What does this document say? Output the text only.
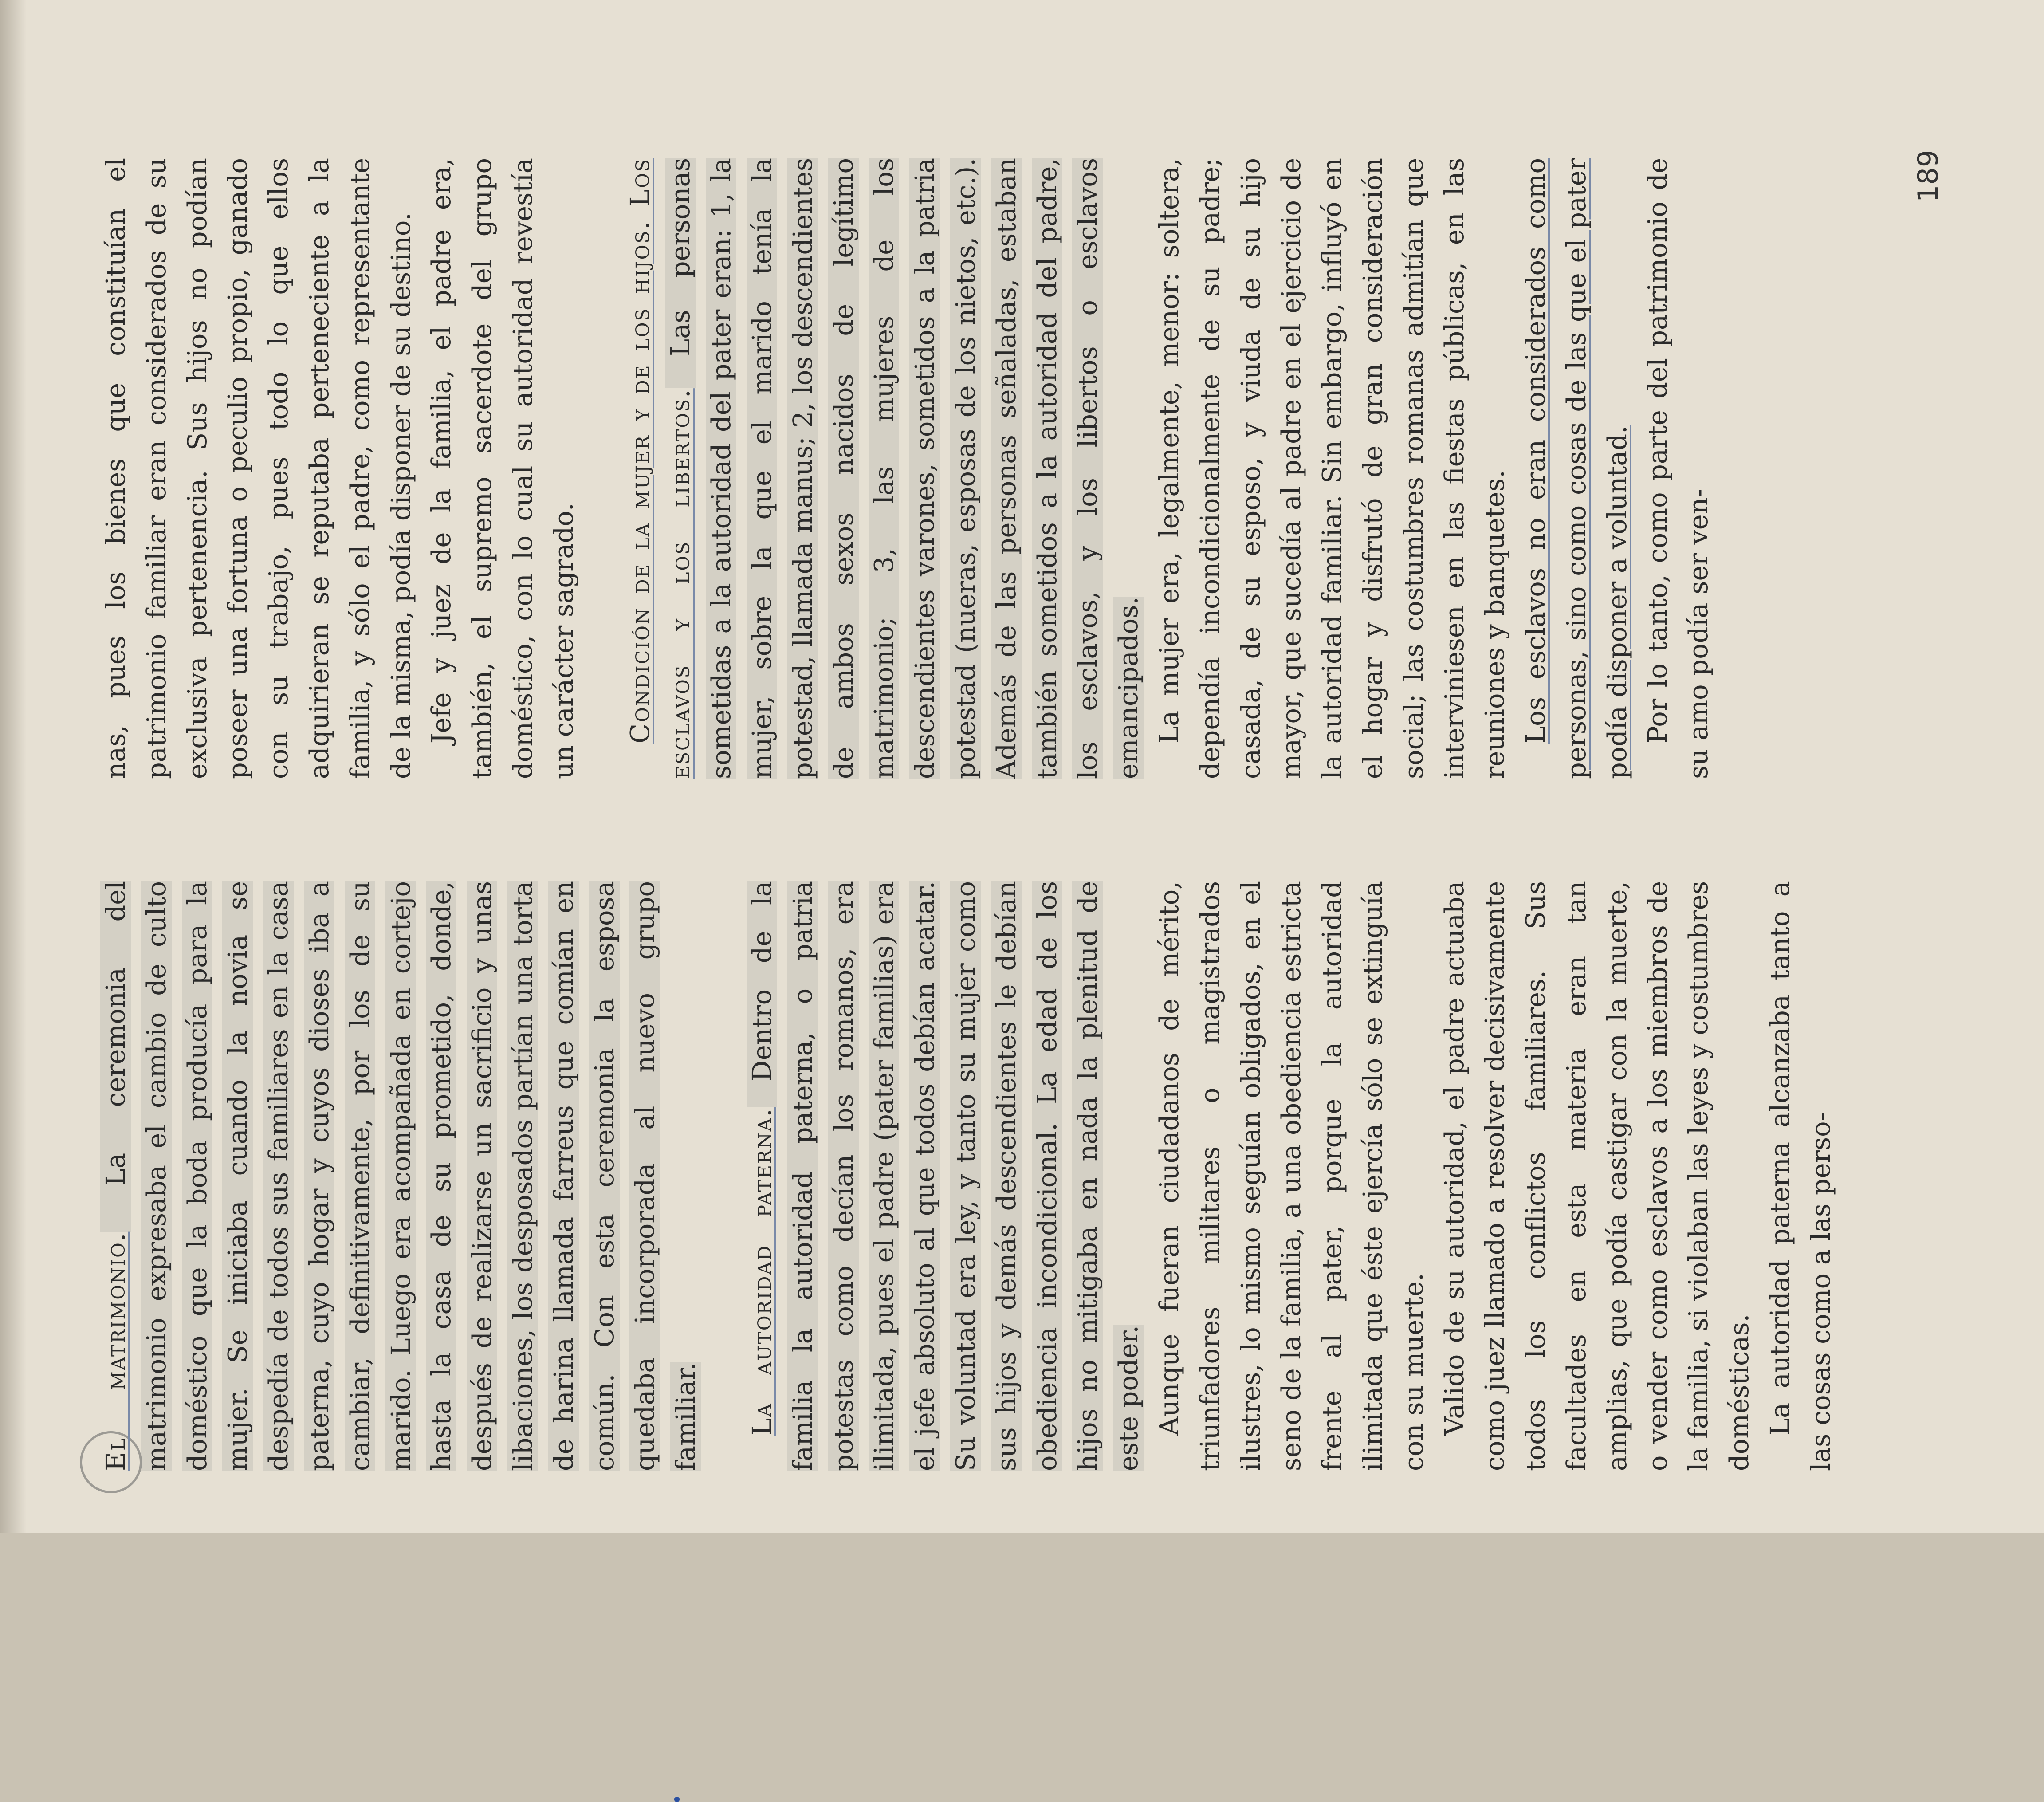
El matrimonio. La ceremonia del matrimonio expresaba el cambio de culto doméstico que la boda producía para la mujer. Se iniciaba cuando la novia se despedía de todos sus familiares en la casa paterna, cuyo hogar y cuyos dioses iba a cambiar, definitivamente, por los de su marido. Luego era acompañada en cortejo hasta la casa de su prometido, donde, después de realizarse un sacrificio y unas libaciones, los desposados partían una torta de harina llamada farreus que comían en común. Con esta ceremonia la esposa quedaba incorporada al nuevo grupo familiar. La autoridad paterna. Dentro de la familia la autoridad paterna, o patria potestas como decían los romanos, era ilimitada, pues el padre (pater familias) era el jefe absoluto al que todos debían acatar. Su voluntad era ley, y tanto su mujer como sus hijos y demás descendientes le debían obediencia incondicional. La edad de los hijos no mitigaba en nada la plenitud de este poder. Aunque fueran ciudadanos de mérito, triunfadores militares o magistrados ilustres, lo mismo seguían obligados, en el seno de la familia, a una obediencia estricta frente al pater, porque la autoridad ilimitada que éste ejercía sólo se extinguía con su muerte. Valido de su autoridad, el padre actuaba como juez llamado a resolver decisivamente todos los conflictos familiares. Sus facultades en esta materia eran tan amplias, que podía castigar con la muerte, o vender como esclavos a los miembros de la familia, si violaban las leyes y costumbres domésticas. La autoridad paterna alcanzaba tanto a las cosas como a las perso-

nas, pues los bienes que constituían el patrimonio familiar eran considerados de su exclusiva pertenencia. Sus hijos no podían poseer una fortuna o peculio propio, ganado con su trabajo, pues todo lo que ellos adquirieran se reputaba perteneciente a la familia, y sólo el padre, como representante de la misma, podía disponer de su destino. Jefe y juez de la familia, el padre era, también, el supremo sacerdote del grupo doméstico, con lo cual su autoridad revestía un carácter sagrado. Condición de la mujer y de los hijos. Los esclavos y los libertos. Las personas sometidas a la autoridad del pater eran: 1, la mujer, sobre la que el marido tenía la potestad, llamada manus; 2, los descendientes de ambos sexos nacidos de legítimo matrimonio; 3, las mujeres de los descendientes varones, sometidos a la patria potestad (nueras, esposas de los nietos, etc.). Además de las personas señaladas, estaban también sometidos a la autoridad del padre, los esclavos, y los libertos o esclavos emancipados. La mujer era, legalmente, menor: soltera, dependía incondicionalmente de su padre; casada, de su esposo, y viuda de su hijo mayor, que sucedía al padre en el ejercicio de la autoridad familiar. Sin embargo, influyó en el hogar y disfrutó de gran consideración social; las costumbres romanas admitían que interviniesen en las fiestas públicas, en las reuniones y banquetes. Los esclavos no eran considerados como personas, sino como cosas de las que el pater podía disponer a voluntad. Por lo tanto, como parte del patrimonio de su amo podía ser ven-

189
